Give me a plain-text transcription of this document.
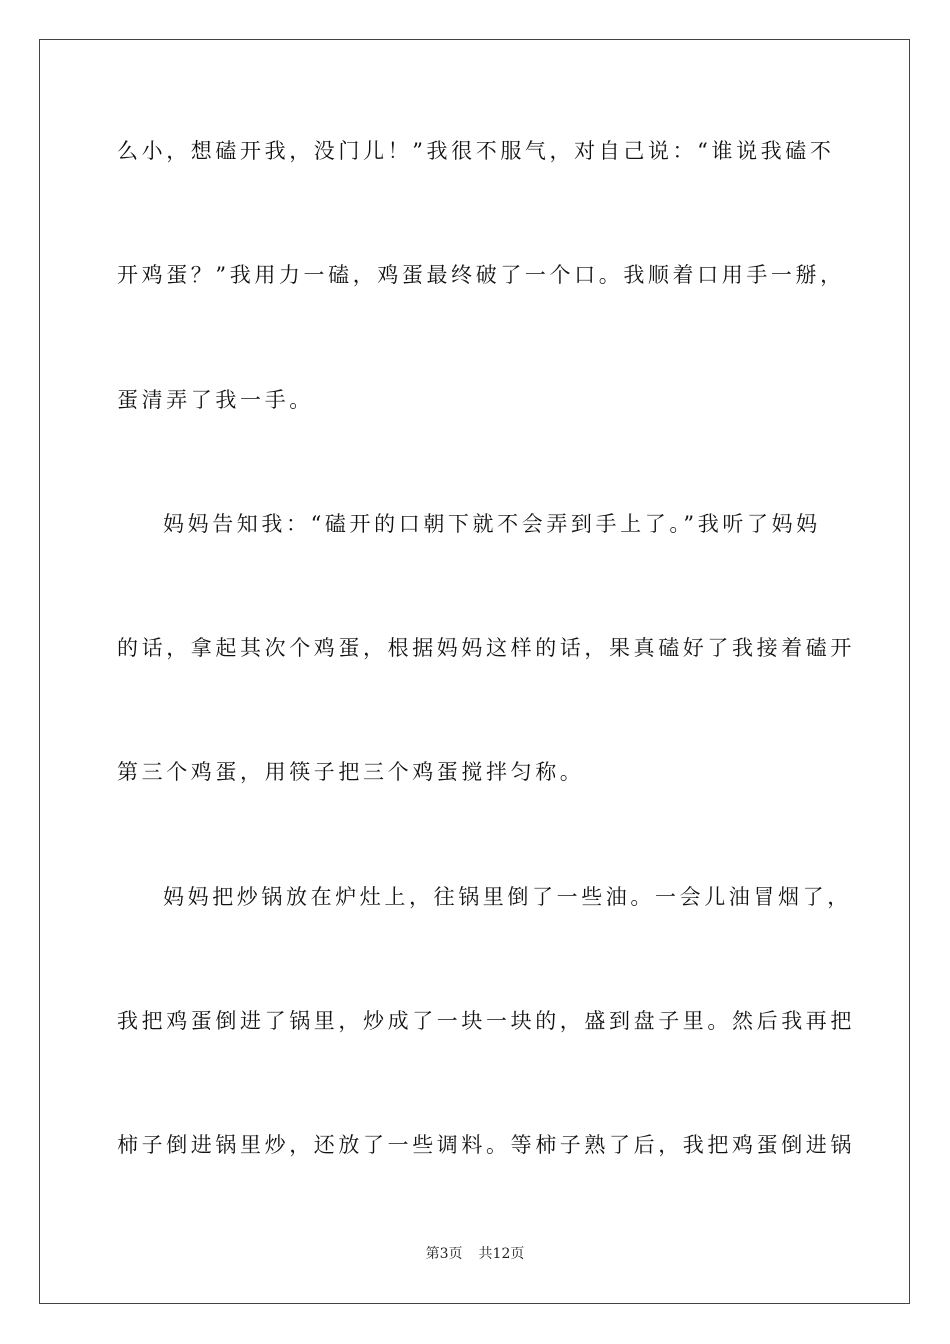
么小，想磕开我，没门儿！”我很不服气，对自己说：“谁说我磕不
开鸡蛋？”我用力一磕，鸡蛋最终破了一个口。我顺着口用手一掰，
蛋清弄了我一手。
妈妈告知我：“磕开的口朝下就不会弄到手上了。”我听了妈妈
的话，拿起其次个鸡蛋，根据妈妈这样的话，果真磕好了我接着磕开
第三个鸡蛋，用筷子把三个鸡蛋搅拌匀称。
妈妈把炒锅放在炉灶上，往锅里倒了一些油。一会儿油冒烟了，
我把鸡蛋倒进了锅里，炒成了一块一块的，盛到盘子里。然后我再把
柿子倒进锅里炒，还放了一些调料。等柿子熟了后，我把鸡蛋倒进锅
第3页 共12页
